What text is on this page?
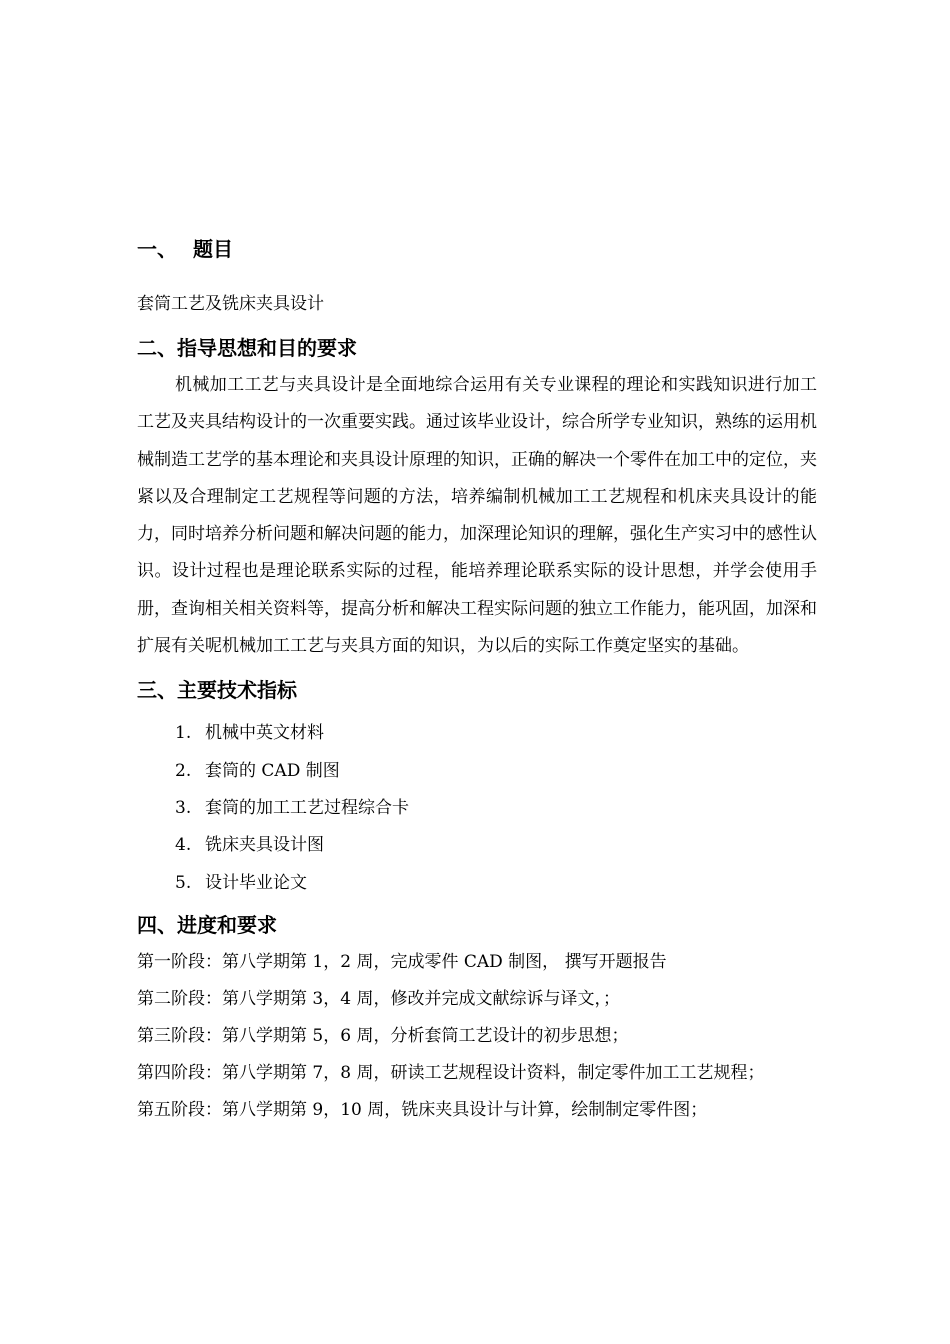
一、 题目
套筒工艺及铣床夹具设计
二、指导思想和目的要求
机械加工工艺与夹具设计是全面地综合运用有关专业课程的理论和实践知识进行加工工艺及夹具结构设计的一次重要实践。通过该毕业设计，综合所学专业知识，熟练的运用机械制造工艺学的基本理论和夹具设计原理的知识，正确的解决一个零件在加工中的定位，夹紧以及合理制定工艺规程等问题的方法，培养编制机械加工工艺规程和机床夹具设计的能力，同时培养分析问题和解决问题的能力，加深理论知识的理解，强化生产实习中的感性认识。设计过程也是理论联系实际的过程，能培养理论联系实际的设计思想，并学会使用手册，查询相关相关资料等，提高分析和解决工程实际问题的独立工作能力，能巩固，加深和扩展有关呢机械加工工艺与夹具方面的知识，为以后的实际工作奠定坚实的基础。
三、主要技术指标
1. 机械中英文材料
2. 套筒的 CAD 制图
3. 套筒的加工工艺过程综合卡
4. 铣床夹具设计图
5. 设计毕业论文
四、进度和要求
第一阶段：第八学期第 1，2 周，完成零件 CAD 制图， 撰写开题报告
第二阶段：第八学期第 3，4 周，修改并完成文献综诉与译文，；
第三阶段：第八学期第 5，6 周，分析套筒工艺设计的初步思想；
第四阶段：第八学期第 7，8 周，研读工艺规程设计资料，制定零件加工工艺规程；
第五阶段：第八学期第 9，10 周，铣床夹具设计与计算，绘制制定零件图；
